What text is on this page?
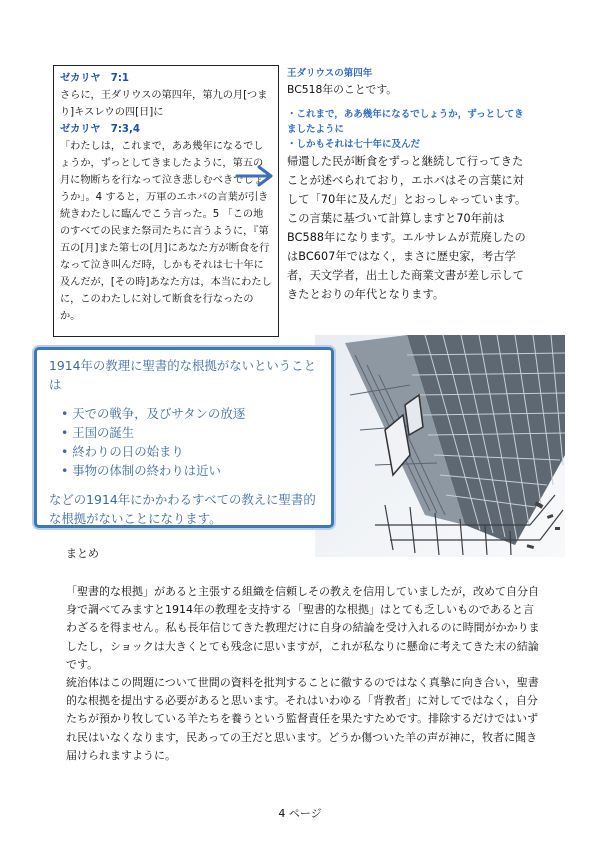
ゼカリヤ　7:1

さらに，王ダリウスの第四年，第九の月[つまり]キスレウの四[日]に

ゼカリヤ　7:3,4

「わたしは，これまで，ああ幾年になるでしょうか，ずっとしてきましたように，第五の月に物断ちを行なって泣き悲しむべきでしょうか」。4 すると，万軍のエホバの言葉が引き続きわたしに臨んでこう言った。5 「この地のすべての民また祭司たちに言うように，『第五の[月]また第七の[月]にあなた方が断食を行なって泣き叫んだ時，しかもそれは七十年に及んだが，[その時]あなた方は，本当にわたしに，このわたしに対して断食を行なったのか。

王ダリウスの第四年

BC518年のことです。

・これまで，ああ幾年になるでしょうか，ずっとしてきましたように

・しかもそれは七十年に及んだ

帰還した民が断食をずっと継続して行ってきたことが述べられており，エホバはその言葉に対して「70年に及んだ」とおっしゃっています。この言葉に基づいて計算しますと70年前はBC588年になります。エルサレムが荒廃したのはBC607年ではなく，まさに歴史家，考古学者，天文学者，出土した商業文書が差し示してきたとおりの年代となります。

1914年の教理に聖書的な根拠がないということは

• 天での戦争，及びサタンの放逐
• 王国の誕生
• 終わりの日の始まり
• 事物の体制の終わりは近い

などの1914年にかかわるすべての教えに聖書的な根拠がないことになります。

まとめ

「聖書的な根拠」があると主張する組織を信頼しその教えを信用していましたが，改めて自分自身で調べてみますと1914年の教理を支持する「聖書的な根拠」はとても乏しいものであると言わざるを得ません。私も長年信じてきた教理だけに自身の結論を受け入れるのに時間がかかりましたし，ショックは大きくとても残念に思いますが，これが私なりに懸命に考えてきた末の結論です。

統治体はこの問題について世間の資料を批判することに徹するのではなく真摯に向き合い，聖書的な根拠を提出する必要があると思います。それはいわゆる「背教者」に対してではなく，自分たちが預かり牧している羊たちを養うという監督責任を果たすためです。排除するだけではいずれ民はいなくなります，民あっての王だと思います。どうか傷ついた羊の声が神に，牧者に聞き届けられますように。

4 ページ
